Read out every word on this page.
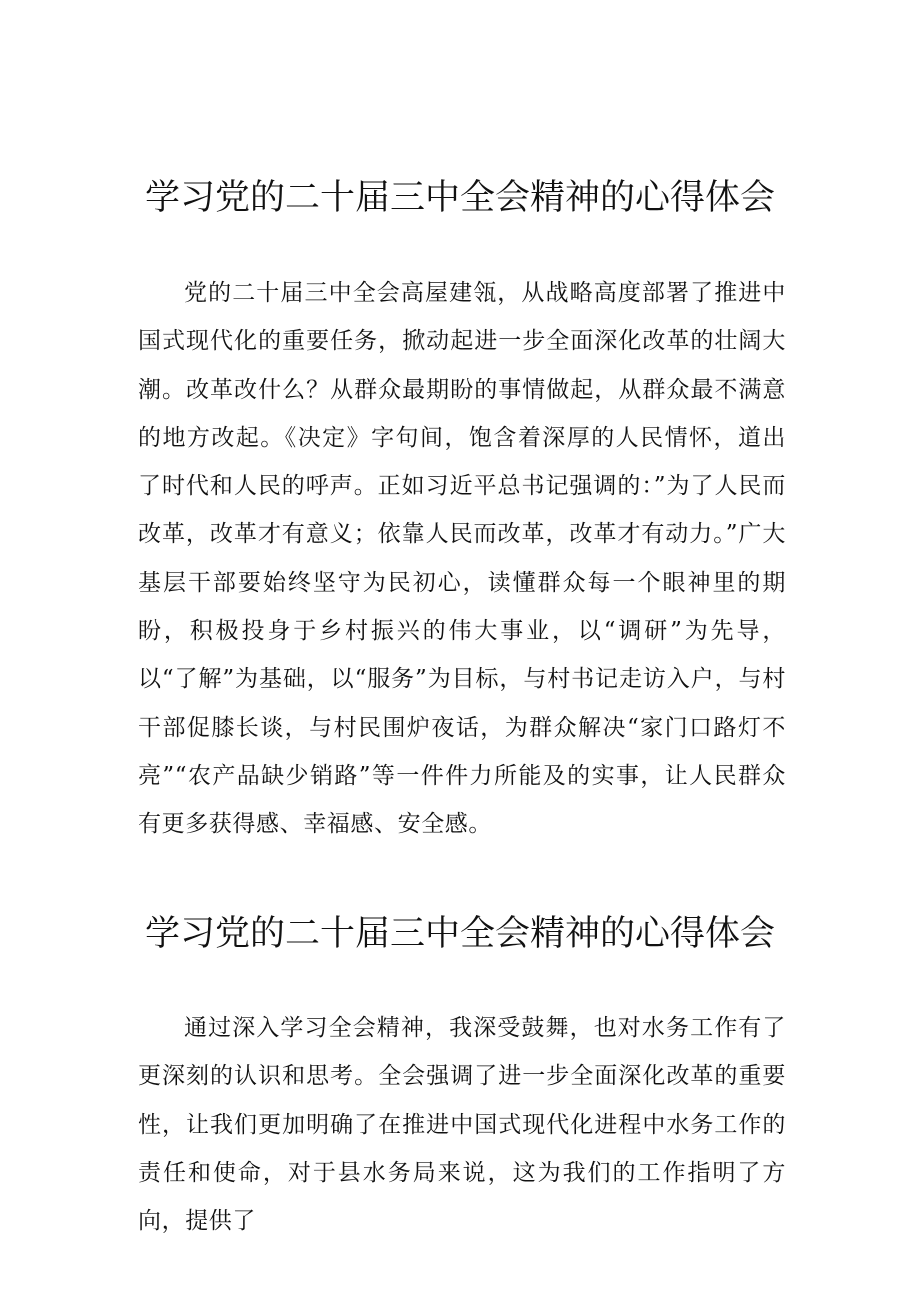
学习党的二十届三中全会精神的心得体会

党的二十届三中全会高屋建瓴，从战略高度部署了推进中国式现代化的重要任务，掀动起进一步全面深化改革的壮阔大潮。改革改什么？从群众最期盼的事情做起，从群众最不满意的地方改起。《决定》字句间，饱含着深厚的人民情怀，道出了时代和人民的呼声。正如习近平总书记强调的：”为了人民而改革，改革才有意义；依靠人民而改革，改革才有动力。”广大基层干部要始终坚守为民初心，读懂群众每一个眼神里的期盼，积极投身于乡村振兴的伟大事业，以“调研”为先导，以“了解”为基础，以“服务”为目标，与村书记走访入户，与村干部促膝长谈，与村民围炉夜话，为群众解决“家门口路灯不亮”“农产品缺少销路”等一件件力所能及的实事，让人民群众有更多获得感、幸福感、安全感。

学习党的二十届三中全会精神的心得体会

通过深入学习全会精神，我深受鼓舞，也对水务工作有了更深刻的认识和思考。全会强调了进一步全面深化改革的重要性，让我们更加明确了在推进中国式现代化进程中水务工作的责任和使命，对于县水务局来说，这为我们的工作指明了方向，提供了
